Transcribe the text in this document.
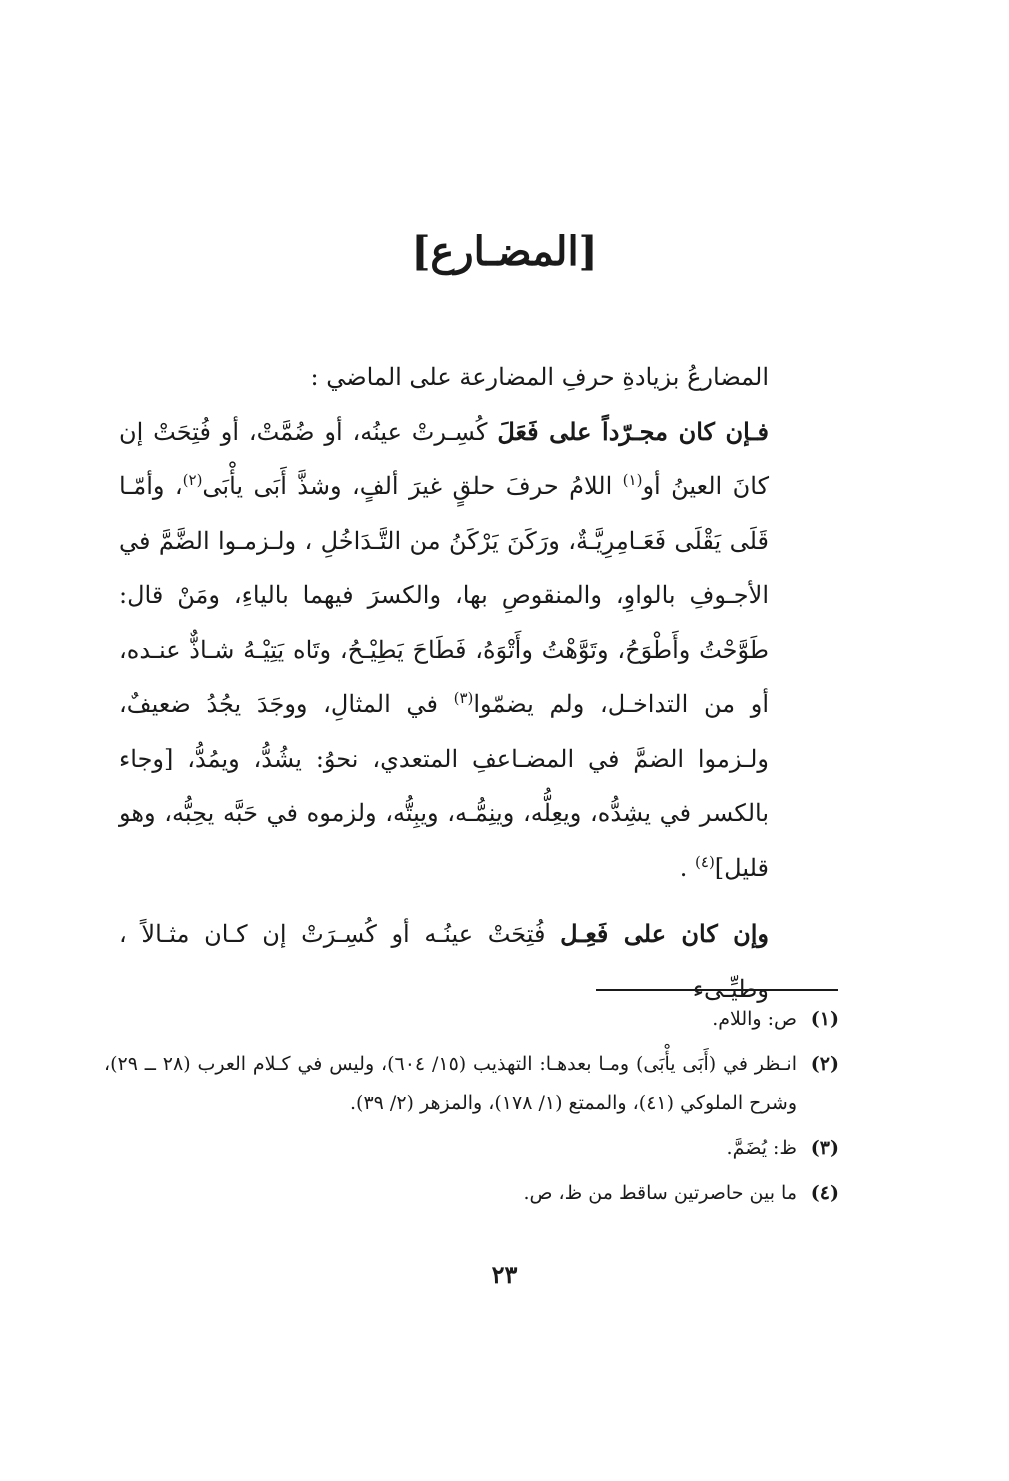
[المضـارع]

المضارعُ بزيادةِ حرفِ المضارعة على الماضي :

فـإن كان مجـرّداً على فَعَلَ كُسِـرتْ عينُه، أو ضُمَّتْ، أو فُتِحَتْ إن كانَ العينُ أو$^{(١)}$ اللامُ حرفَ حلقٍ غيرَ ألفٍ، وشذَّ أَبَى يأْبَى$^{(٢)}$، وأمّـا قَلَى يَقْلَى فَعَـامِرِيَّـةٌ، ورَكَنَ يَرْكَنُ من التَّـدَاخُلِ ، ولـزمـوا الضَّمَّ في الأجـوفِ بالواوِ، والمنقوصِ بها، والكسرَ فيهما بالياءِ، ومَنْ قال: طَوَّحْتُ وأَطْوَحُ، وتَوَّهْتُ وأَتْوَهُ، فَطَاحَ يَطِيْـحُ، وتَاه يَتِيْـهُ شـاذٌّ عنـده، أو من التداخـل، ولم يضمّوا$^{(٣)}$ في المثالِ، ووجَدَ يجُدُ ضعيفٌ، ولـزموا الضمَّ في المضـاعفِ المتعدي، نحوُ: يشُدُّ، ويمُدُّ، [وجاء بالكسر في يشِدُّه، ويعِلُّه، وينِمُّـه، ويبِتُّه، ولزموه في حَبَّه يحِبُّه، وهو قليل]$^{(٤)}$ .

وإن كان على فَعِـل فُتِحَتْ عينُـه أو كُسِـرَتْ إن كـان مثـالاً ، وطيِّـىء

(١)
ص: واللام.
(٢)
انـظر في (أَبَى يأْبَى) ومـا بعدهـا: التهذيب (١٥/ ٦٠٤)، وليس في كـلام العرب (٢٨ ــ ٢٩)، وشرح الملوكي (٤١)، والممتع (١/ ١٧٨)، والمزهر (٢/ ٣٩).
(٣)
ظ: يُضَمَّ.
(٤)
ما بين حاصرتين ساقط من ظ، ص.
٢٣
